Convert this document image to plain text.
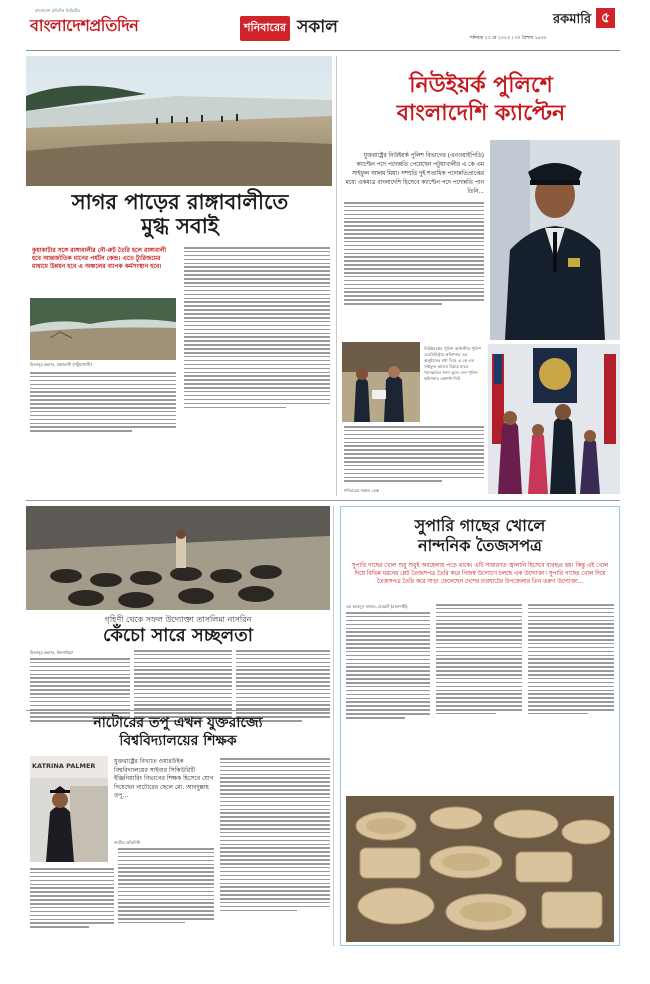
বাংলাদেশ প্রতিদিন লিমিটেড
বাংলাদেশপ্রতিদিন	শনিবারের সকাল	রকমারি ৫
শনিবার ২৩ মে ২০২৩ । ৩০ বৈশাখ ১৪৩০
সাগর পাড়ের রাঙ্গাবালীতে
মুগ্ধ সবাই
কুয়াকাটার সঙ্গে রাঙ্গাবালীর নৌ-রুট তৈরি হলে রাঙ্গাবালী হবে আন্তর্জাতিক মানের পর্যটন কেন্দ্র। এতে ট্যুরিজমের মাধ্যমে উন্নয়ন হবে এ অঞ্চলের ব্যাপক কর্মসংস্থান হবে।
মিজানুর রহমান, রাঙ্গাবালী (পটুয়াখালী)
নিউইয়র্ক পুলিশে
বাংলাদেশি ক্যাপ্টেন
যুক্তরাষ্ট্রের নিউইয়র্ক পুলিশ বিভাগের (এনওয়াইপিডি) ক্যাপ্টেন পদে পদোন্নতি পেয়েছেন পটুয়াখালীর এ কে এম সাইফুল আলম মিয়া। সম্প্রতি দুই শতাধিক পদোন্নতিপ্রাপ্তের মধ্যে একমাত্র বাংলাদেশি হিসেবে ক্যাপ্টেন পদে পদোন্নতি পান তিনি...
নিউইয়র্কের পুলিশ অফিস্টার পুলিশ এডমিনিস্ট্রার কমিশনার এর অনুষ্ঠানের মধ্য দিয়ে এ কে এম সাইফুল আলম মিয়ার হাতে পদোন্নতির সনদ তুলে দেন পুলিশ কমিশনার কেশান্ট সিউ
শনিবারের সকাল ডেস্ক
গৃহিণী থেকে সফল উদ্যোক্তা তাসলিমা নাসরিন
কেঁচো সারে সচ্ছলতা
মিজানুর রহমান, নিমগাছিয়া
নাটোরের তপু এখন যুক্তরাজ্যে
বিশ্ববিদ্যালয়ের শিক্ষক
KATRINA PALMER
যুক্তরাষ্ট্রের বিখ্যাত ওয়ারউইক বিশ্ববিদ্যালয়ের সাইবার সিকিউরিটি ইঞ্জিনিয়ারিং বিভাগের শিক্ষক হিসেবে যোগ দিয়েছেন নাটোরের ছেলে মো. আবদুল্লাহ তপু...
নাটোর প্রতিনিধি
সুপারি গাছের খোলে
নান্দনিক তৈজসপত্র
সুপারি গাছের খোল শুধু শুধুই অবহেলায় পড়ে থাকে। এটি সাধারণত জ্বালানি হিসেবে ব্যবহৃত হয়। কিন্তু এই খোল দিয়ে বিভিন্ন ধরনের প্লেট তৈজসপত্র তৈরি করে নিজস্ব উদ্যোগে চলছে এক উদ্যোক্তা। সুপারি গাছের খোল দিয়ে তৈজসপত্র তৈরি করে সাড়া ফেলেছেন দেশের চারঘাটের উপজেলার তিন তরুণ উদ্যোক্তা...
এম আবদুস সালাম, চারঘাট (রাজশাহী)
